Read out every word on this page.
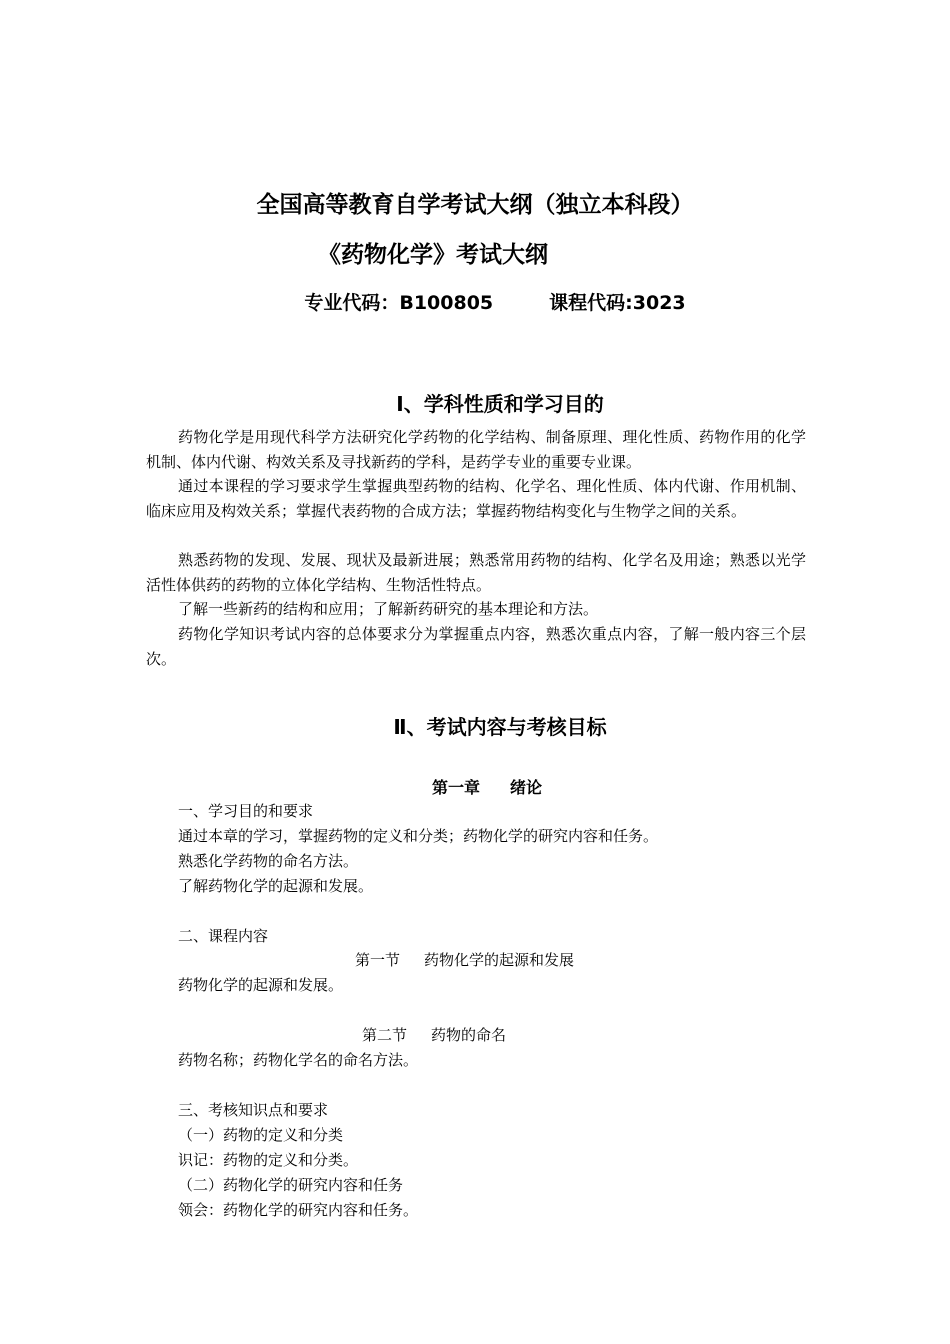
全国高等教育自学考试大纲（独立本科段）
《药物化学》考试大纲
专业代码：B100805	课程代码:3023
Ⅰ、学科性质和学习目的
药物化学是用现代科学方法研究化学药物的化学结构、制备原理、理化性质、药物作用的化学机制、体内代谢、构效关系及寻找新药的学科，是药学专业的重要专业课。
通过本课程的学习要求学生掌握典型药物的结构、化学名、理化性质、体内代谢、作用机制、临床应用及构效关系；掌握代表药物的合成方法；掌握药物结构变化与生物学之间的关系。
熟悉药物的发现、发展、现状及最新进展；熟悉常用药物的结构、化学名及用途；熟悉以光学活性体供药的药物的立体化学结构、生物活性特点。
了解一些新药的结构和应用；了解新药研究的基本理论和方法。
药物化学知识考试内容的总体要求分为掌握重点内容，熟悉次重点内容，了解一般内容三个层次。
Ⅱ、考试内容与考核目标
第一章 绪论
一、学习目的和要求
通过本章的学习，掌握药物的定义和分类；药物化学的研究内容和任务。
熟悉化学药物的命名方法。
了解药物化学的起源和发展。
二、课程内容
第一节 药物化学的起源和发展
药物化学的起源和发展。
第二节 药物的命名
药物名称；药物化学名的命名方法。
三、考核知识点和要求
（一）药物的定义和分类
识记：药物的定义和分类。
（二）药物化学的研究内容和任务
领会：药物化学的研究内容和任务。
